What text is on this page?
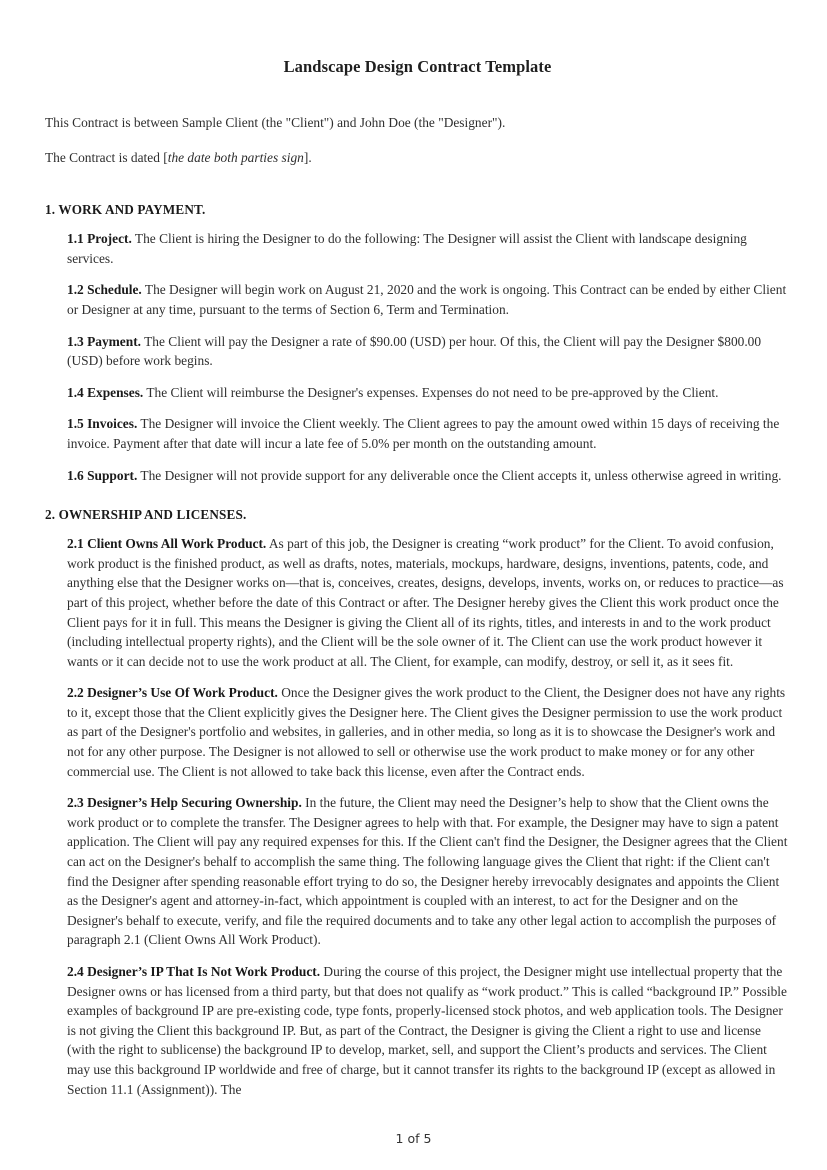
Landscape Design Contract Template

This Contract is between Sample Client (the "Client") and John Doe (the "Designer").

The Contract is dated [the date both parties sign].

1. WORK AND PAYMENT.

1.1 Project. The Client is hiring the Designer to do the following: The Designer will assist the Client with landscape designing services.

1.2 Schedule. The Designer will begin work on August 21, 2020 and the work is ongoing. This Contract can be ended by either Client or Designer at any time, pursuant to the terms of Section 6, Term and Termination.

1.3 Payment. The Client will pay the Designer a rate of $90.00 (USD) per hour. Of this, the Client will pay the Designer $800.00 (USD) before work begins.

1.4 Expenses. The Client will reimburse the Designer's expenses. Expenses do not need to be pre-approved by the Client.

1.5 Invoices. The Designer will invoice the Client weekly. The Client agrees to pay the amount owed within 15 days of receiving the invoice. Payment after that date will incur a late fee of 5.0% per month on the outstanding amount.

1.6 Support. The Designer will not provide support for any deliverable once the Client accepts it, unless otherwise agreed in writing.

2. OWNERSHIP AND LICENSES.

2.1 Client Owns All Work Product. As part of this job, the Designer is creating “work product” for the Client. To avoid confusion, work product is the finished product, as well as drafts, notes, materials, mockups, hardware, designs, inventions, patents, code, and anything else that the Designer works on—that is, conceives, creates, designs, develops, invents, works on, or reduces to practice—as part of this project, whether before the date of this Contract or after. The Designer hereby gives the Client this work product once the Client pays for it in full. This means the Designer is giving the Client all of its rights, titles, and interests in and to the work product (including intellectual property rights), and the Client will be the sole owner of it. The Client can use the work product however it wants or it can decide not to use the work product at all. The Client, for example, can modify, destroy, or sell it, as it sees fit.

2.2 Designer’s Use Of Work Product. Once the Designer gives the work product to the Client, the Designer does not have any rights to it, except those that the Client explicitly gives the Designer here. The Client gives the Designer permission to use the work product as part of the Designer's portfolio and websites, in galleries, and in other media, so long as it is to showcase the Designer's work and not for any other purpose. The Designer is not allowed to sell or otherwise use the work product to make money or for any other commercial use. The Client is not allowed to take back this license, even after the Contract ends.

2.3 Designer’s Help Securing Ownership. In the future, the Client may need the Designer’s help to show that the Client owns the work product or to complete the transfer. The Designer agrees to help with that. For example, the Designer may have to sign a patent application. The Client will pay any required expenses for this. If the Client can't find the Designer, the Designer agrees that the Client can act on the Designer's behalf to accomplish the same thing. The following language gives the Client that right: if the Client can't find the Designer after spending reasonable effort trying to do so, the Designer hereby irrevocably designates and appoints the Client as the Designer's agent and attorney-in-fact, which appointment is coupled with an interest, to act for the Designer and on the Designer's behalf to execute, verify, and file the required documents and to take any other legal action to accomplish the purposes of paragraph 2.1 (Client Owns All Work Product).

2.4 Designer’s IP That Is Not Work Product. During the course of this project, the Designer might use intellectual property that the Designer owns or has licensed from a third party, but that does not qualify as “work product.” This is called “background IP.” Possible examples of background IP are pre-existing code, type fonts, properly-licensed stock photos, and web application tools. The Designer is not giving the Client this background IP. But, as part of the Contract, the Designer is giving the Client a right to use and license (with the right to sublicense) the background IP to develop, market, sell, and support the Client’s products and services. The Client may use this background IP worldwide and free of charge, but it cannot transfer its rights to the background IP (except as allowed in Section 11.1 (Assignment)). The

1 of 5
